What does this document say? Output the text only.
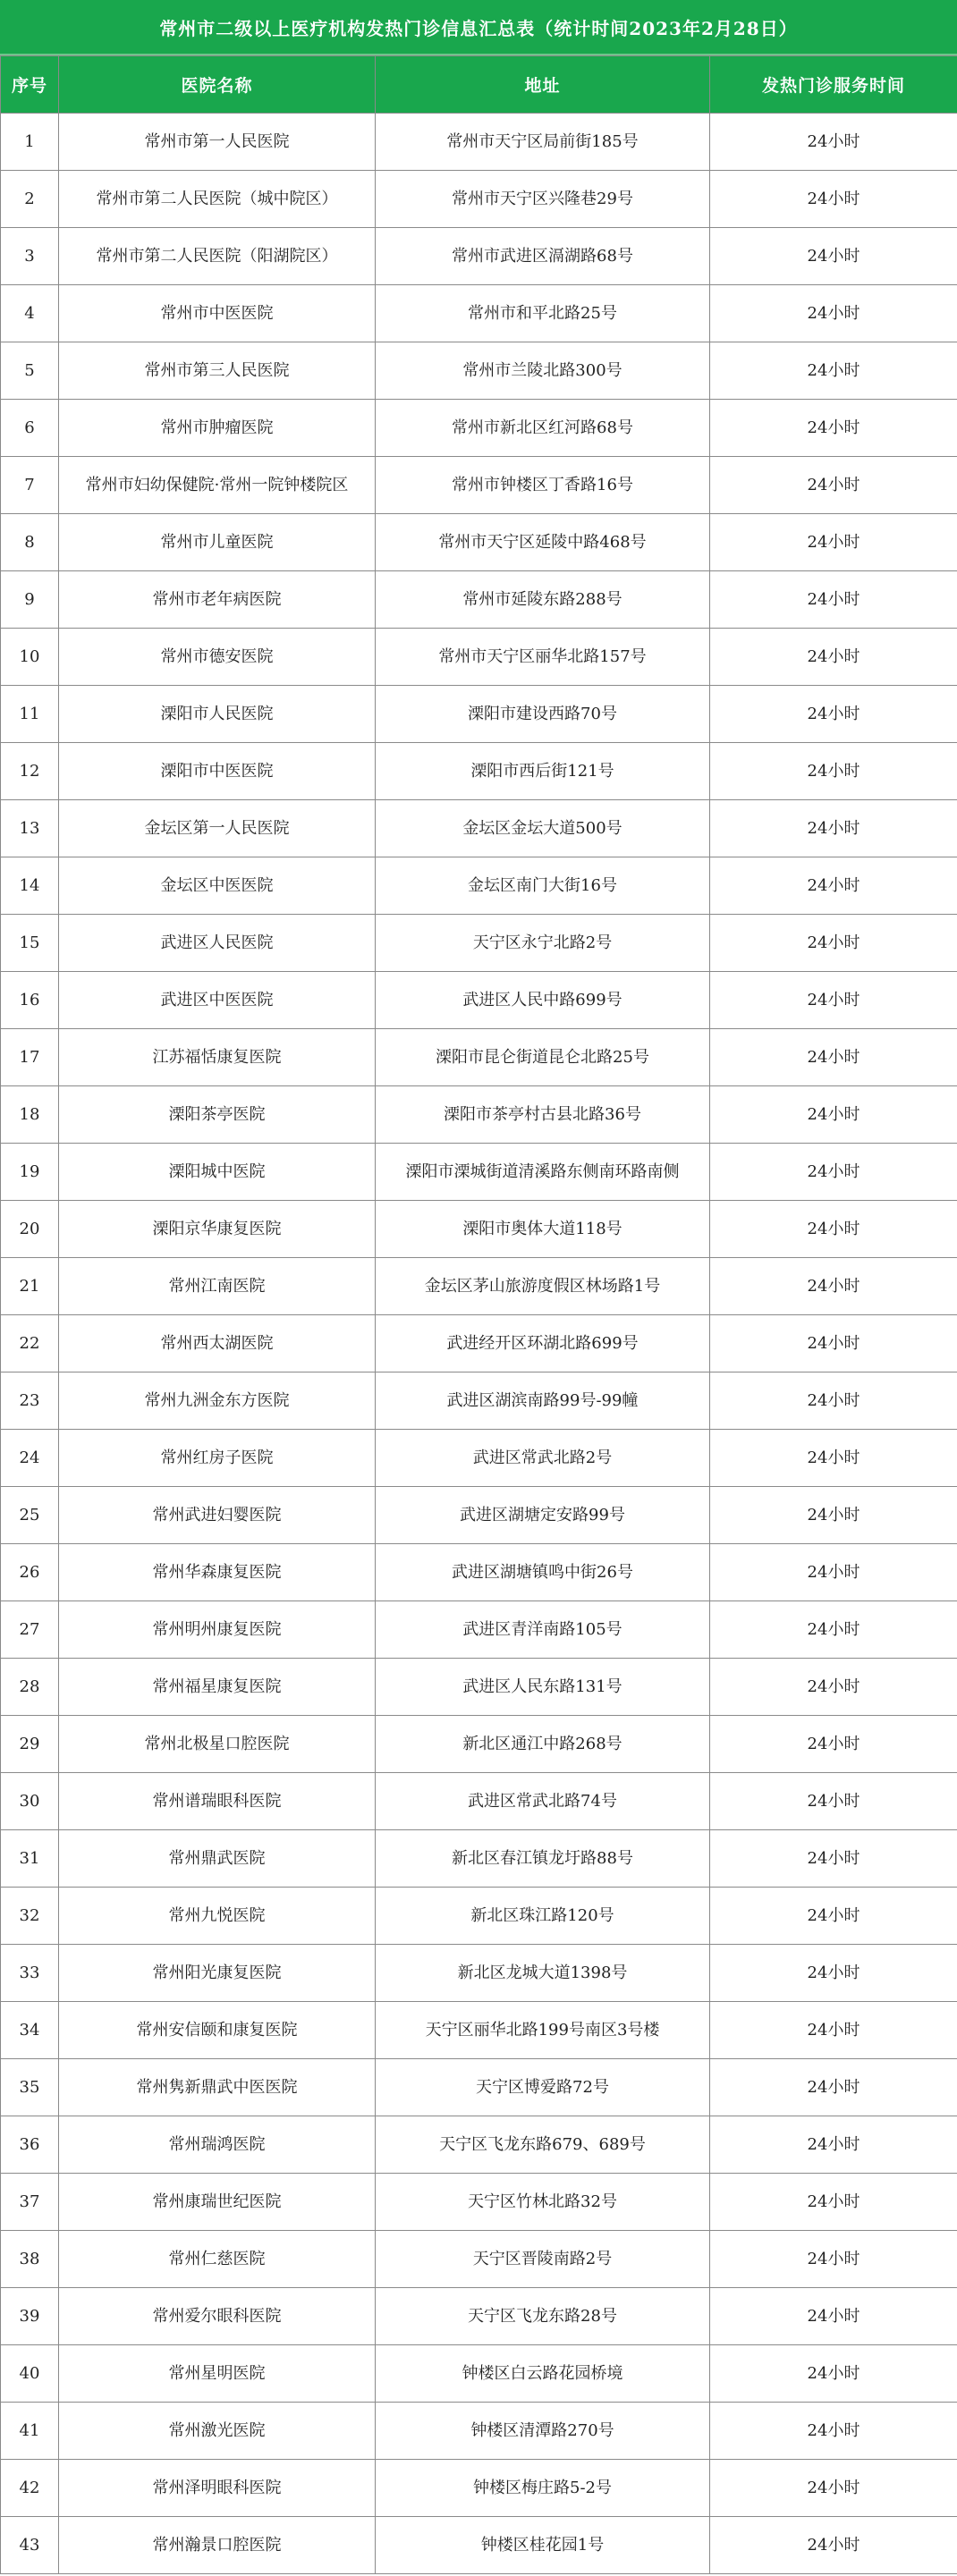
常州市二级以上医疗机构发热门诊信息汇总表（统计时间2023年2月28日）
序号	医院名称	地址	发热门诊服务时间
1	常州市第一人民医院	常州市天宁区局前街185号	24小时
2	常州市第二人民医院（城中院区）	常州市天宁区兴隆巷29号	24小时
3	常州市第二人民医院（阳湖院区）	常州市武进区滆湖路68号	24小时
4	常州市中医医院	常州市和平北路25号	24小时
5	常州市第三人民医院	常州市兰陵北路300号	24小时
6	常州市肿瘤医院	常州市新北区红河路68号	24小时
7	常州市妇幼保健院·常州一院钟楼院区	常州市钟楼区丁香路16号	24小时
8	常州市儿童医院	常州市天宁区延陵中路468号	24小时
9	常州市老年病医院	常州市延陵东路288号	24小时
10	常州市德安医院	常州市天宁区丽华北路157号	24小时
11	溧阳市人民医院	溧阳市建设西路70号	24小时
12	溧阳市中医医院	溧阳市西后街121号	24小时
13	金坛区第一人民医院	金坛区金坛大道500号	24小时
14	金坛区中医医院	金坛区南门大街16号	24小时
15	武进区人民医院	天宁区永宁北路2号	24小时
16	武进区中医医院	武进区人民中路699号	24小时
17	江苏福恬康复医院	溧阳市昆仑街道昆仑北路25号	24小时
18	溧阳茶亭医院	溧阳市茶亭村古县北路36号	24小时
19	溧阳城中医院	溧阳市溧城街道清溪路东侧南环路南侧	24小时
20	溧阳京华康复医院	溧阳市奥体大道118号	24小时
21	常州江南医院	金坛区茅山旅游度假区林场路1号	24小时
22	常州西太湖医院	武进经开区环湖北路699号	24小时
23	常州九洲金东方医院	武进区湖滨南路99号-99幢	24小时
24	常州红房子医院	武进区常武北路2号	24小时
25	常州武进妇婴医院	武进区湖塘定安路99号	24小时
26	常州华森康复医院	武进区湖塘镇鸣中街26号	24小时
27	常州明州康复医院	武进区青洋南路105号	24小时
28	常州福星康复医院	武进区人民东路131号	24小时
29	常州北极星口腔医院	新北区通江中路268号	24小时
30	常州谱瑞眼科医院	武进区常武北路74号	24小时
31	常州鼎武医院	新北区春江镇龙圩路88号	24小时
32	常州九悦医院	新北区珠江路120号	24小时
33	常州阳光康复医院	新北区龙城大道1398号	24小时
34	常州安信颐和康复医院	天宁区丽华北路199号南区3号楼	24小时
35	常州隽新鼎武中医医院	天宁区博爱路72号	24小时
36	常州瑞鸿医院	天宁区飞龙东路679、689号	24小时
37	常州康瑞世纪医院	天宁区竹林北路32号	24小时
38	常州仁慈医院	天宁区晋陵南路2号	24小时
39	常州爱尔眼科医院	天宁区飞龙东路28号	24小时
40	常州星明医院	钟楼区白云路花园桥境	24小时
41	常州激光医院	钟楼区清潭路270号	24小时
42	常州泽明眼科医院	钟楼区梅庄路5-2号	24小时
43	常州瀚景口腔医院	钟楼区桂花园1号	24小时
